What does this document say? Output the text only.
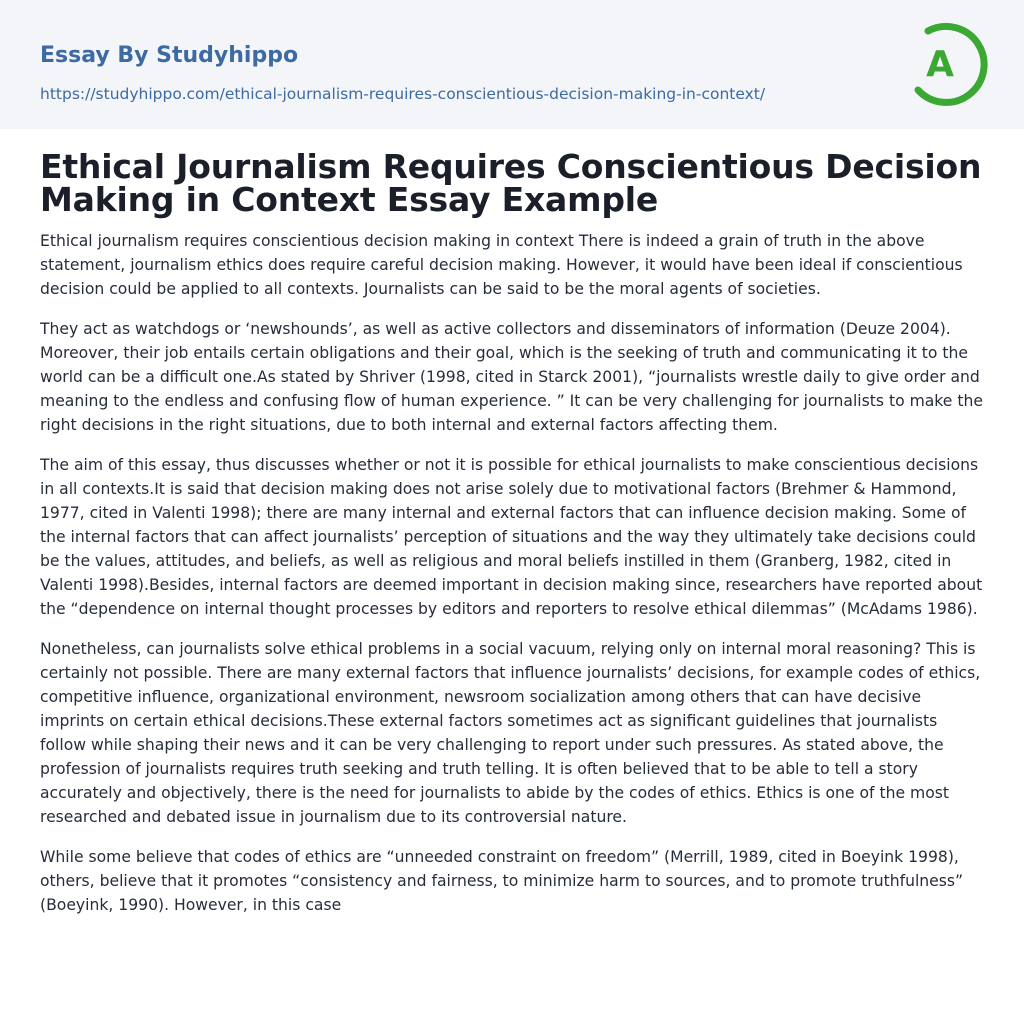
Essay By Studyhippo
https://studyhippo.com/ethical-journalism-requires-conscientious-decision-making-in-context/
A
Ethical Journalism Requires Conscientious Decision Making in Context Essay Example

Ethical journalism requires conscientious decision making in context There is indeed a grain of truth in the above statement, journalism ethics does require careful decision making. However, it would have been ideal if conscientious decision could be applied to all contexts. Journalists can be said to be the moral agents of societies.

They act as watchdogs or ‘newshounds’, as well as active collectors and disseminators of information (Deuze 2004). Moreover, their job entails certain obligations and their goal, which is the seeking of truth and communicating it to the world can be a difficult one.As stated by Shriver (1998, cited in Starck 2001), “journalists wrestle daily to give order and meaning to the endless and confusing flow of human experience. ” It can be very challenging for journalists to make the right decisions in the right situations, due to both internal and external factors affecting them.

The aim of this essay, thus discusses whether or not it is possible for ethical journalists to make conscientious decisions in all contexts.It is said that decision making does not arise solely due to motivational factors (Brehmer & Hammond, 1977, cited in Valenti 1998); there are many internal and external factors that can influence decision making. Some of the internal factors that can affect journalists’ perception of situations and the way they ultimately take decisions could be the values, attitudes, and beliefs, as well as religious and moral beliefs instilled in them (Granberg, 1982, cited in Valenti 1998).Besides, internal factors are deemed important in decision making since, researchers have reported about the “dependence on internal thought processes by editors and reporters to resolve ethical dilemmas” (McAdams 1986).

Nonetheless, can journalists solve ethical problems in a social vacuum, relying only on internal moral reasoning? This is certainly not possible. There are many external factors that influence journalists’ decisions, for example codes of ethics, competitive influence, organizational environment, newsroom socialization among others that can have decisive imprints on certain ethical decisions.These external factors sometimes act as significant guidelines that journalists follow while shaping their news and it can be very challenging to report under such pressures. As stated above, the profession of journalists requires truth seeking and truth telling. It is often believed that to be able to tell a story accurately and objectively, there is the need for journalists to abide by the codes of ethics. Ethics is one of the most researched and debated issue in journalism due to its controversial nature.

While some believe that codes of ethics are “unneeded constraint on freedom” (Merrill, 1989, cited in Boeyink 1998), others, believe that it promotes “consistency and fairness, to minimize harm to sources, and to promote truthfulness” (Boeyink, 1990). However, in this case
